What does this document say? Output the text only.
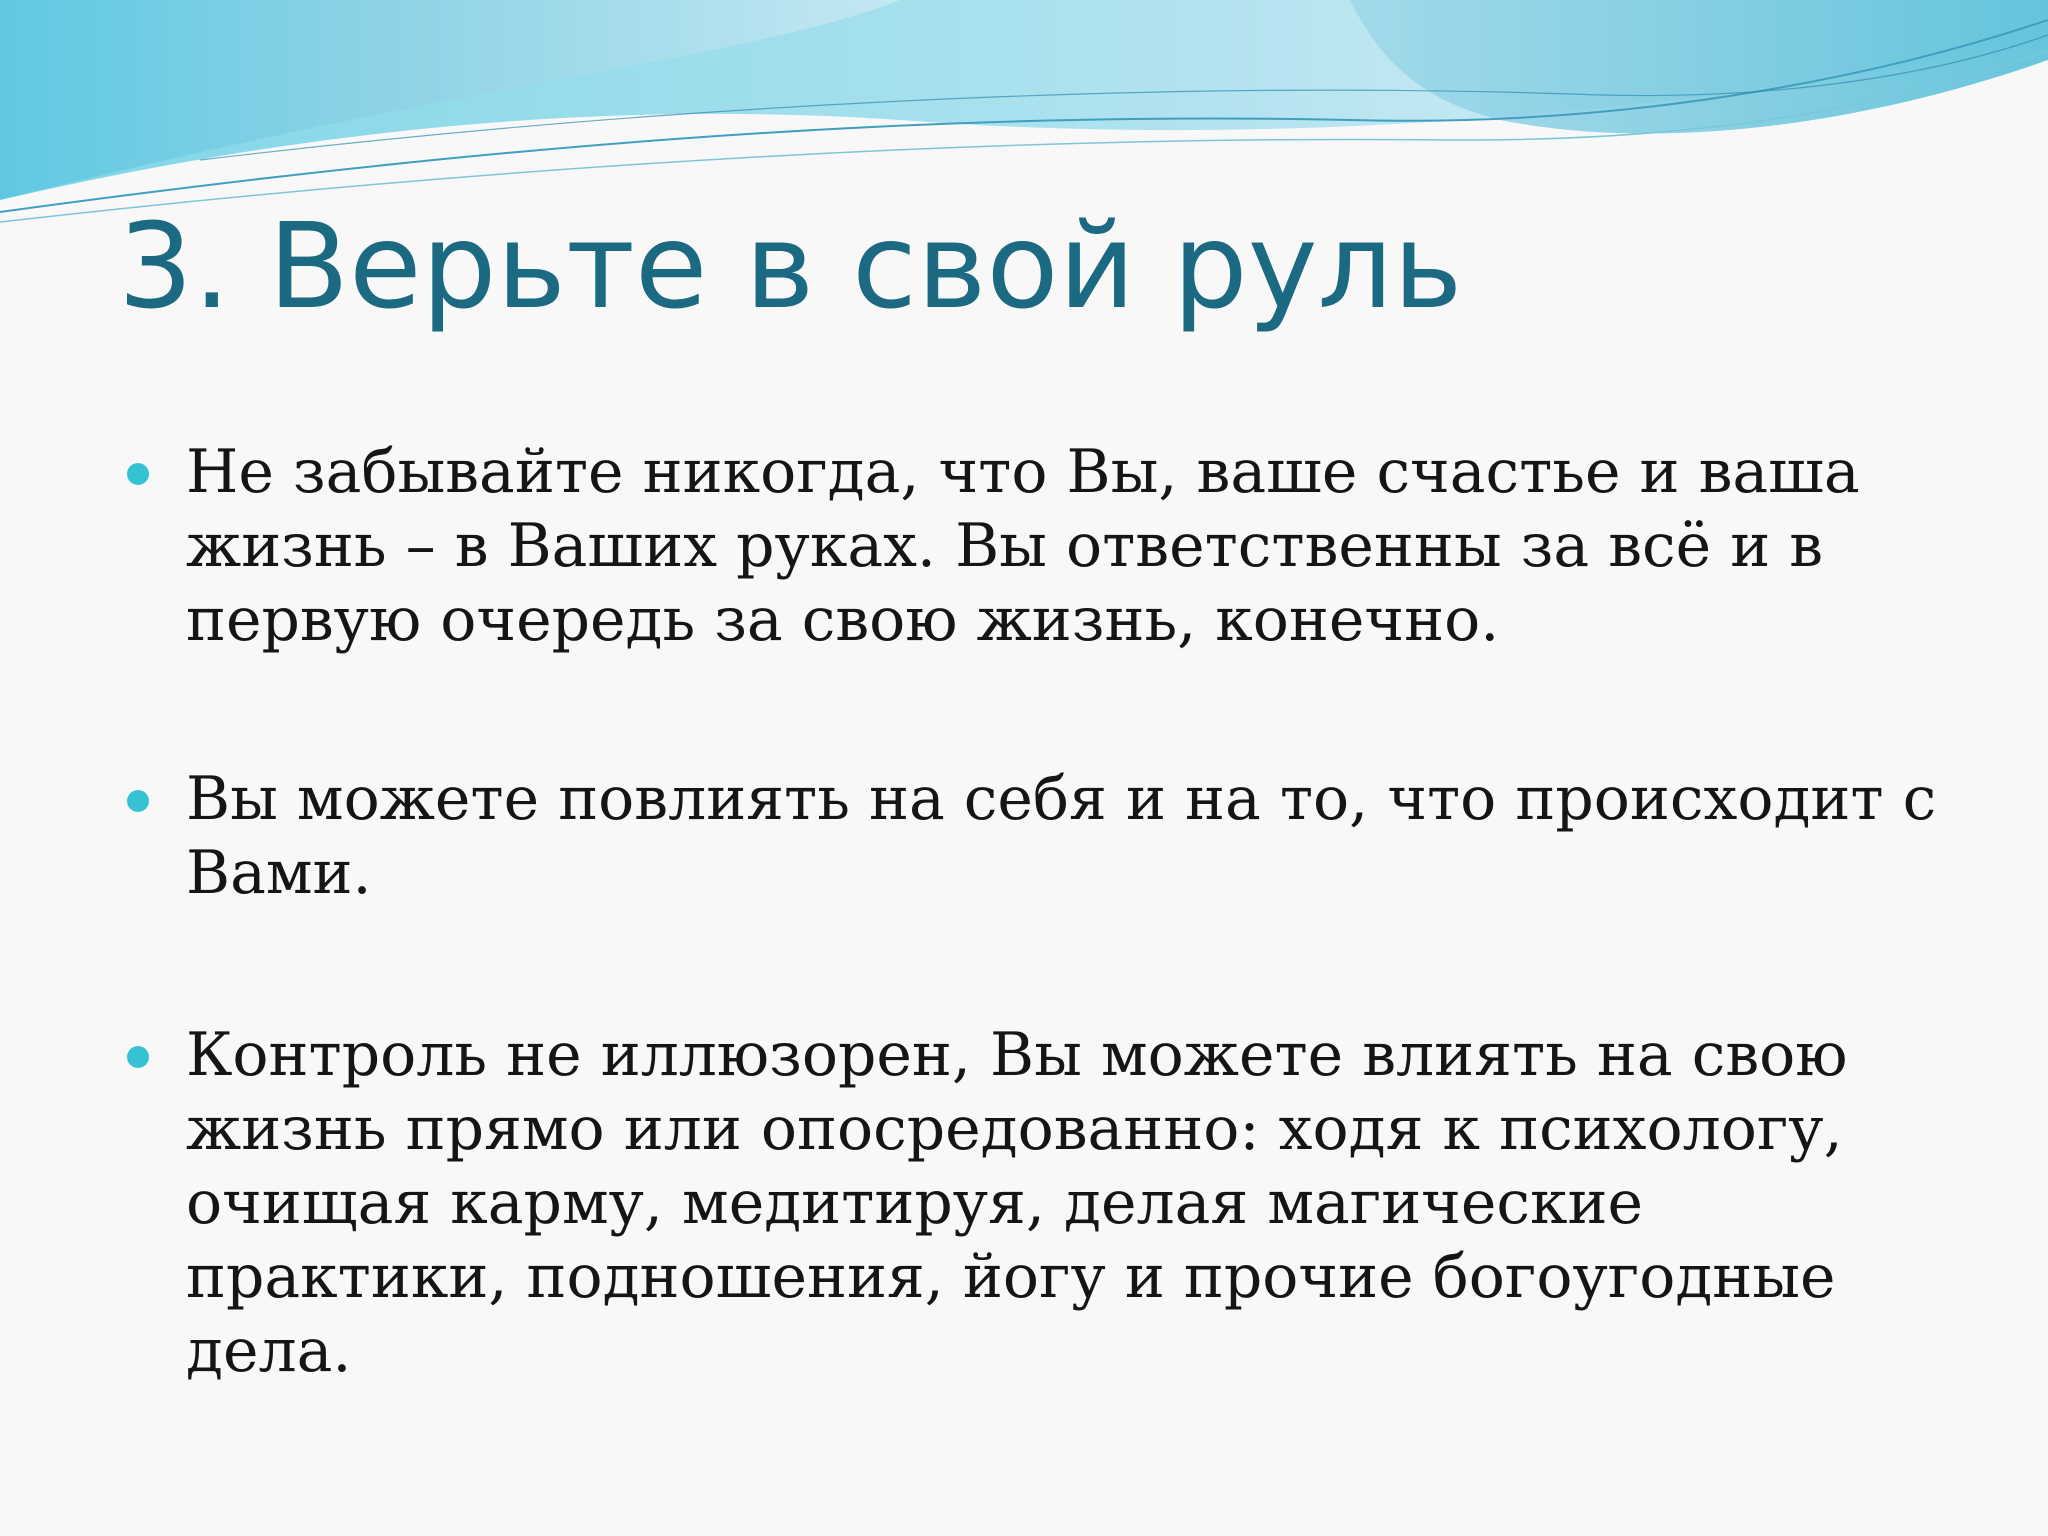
3. Верьте в свой руль
Не забывайте никогда, что Вы, ваше счастье и ваша
жизнь – в Ваших руках. Вы ответственны за всё и в
первую очередь за свою жизнь, конечно.
Вы можете повлиять на себя и на то, что происходит с
Вами.
Контроль не иллюзорен, Вы можете влиять на свою
жизнь прямо или опосредованно: ходя к психологу,
очищая карму, медитируя, делая магические
практики, подношения, йогу и прочие богоугодные
дела.
